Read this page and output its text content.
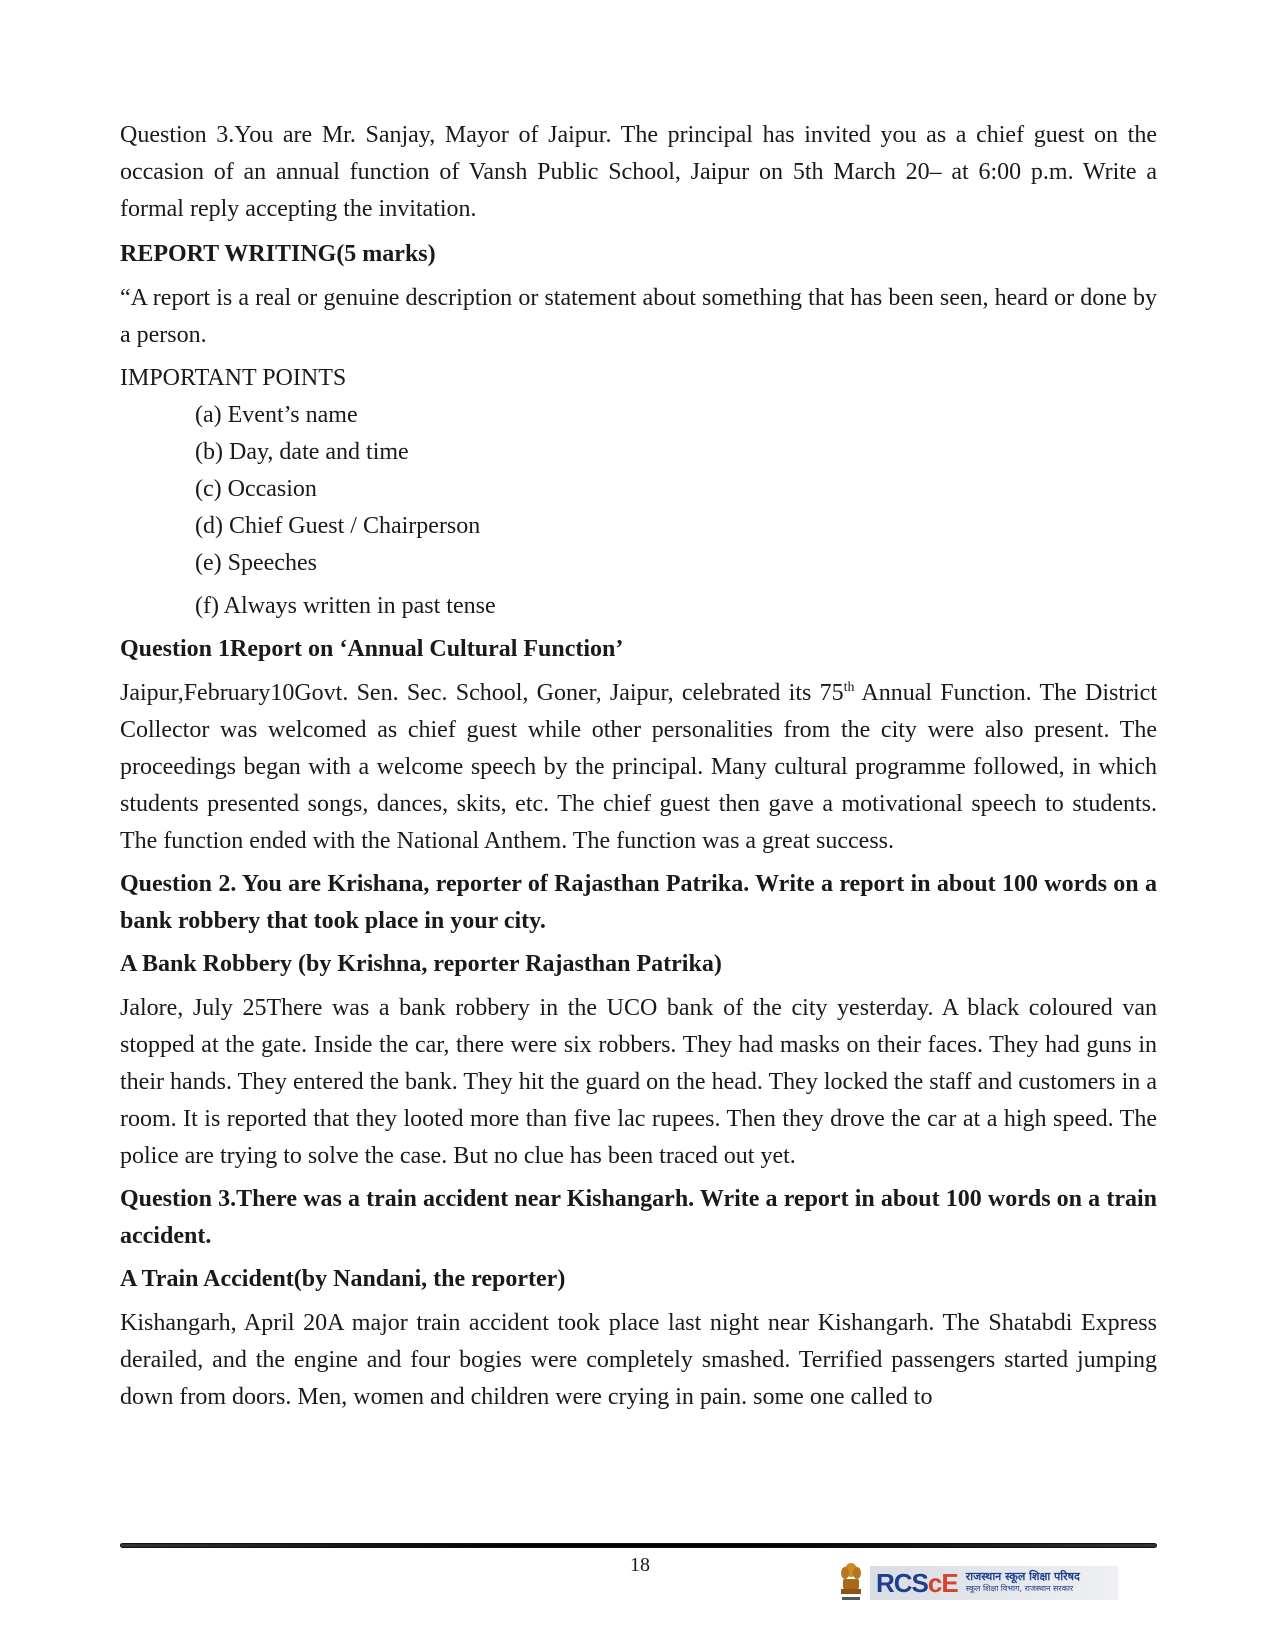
Question 3.You are Mr. Sanjay, Mayor of Jaipur. The principal has invited you as a chief guest on the occasion of an annual function of Vansh Public School, Jaipur on 5th March 20– at 6:00 p.m. Write a formal reply accepting the invitation.

REPORT WRITING(5 marks)

“A report is a real or genuine description or statement about something that has been seen, heard or done by a person.

IMPORTANT POINTS

(a) Event’s name
(b) Day, date and time
(c) Occasion
(d) Chief Guest / Chairperson
(e) Speeches
(f) Always written in past tense

Question 1Report on ‘Annual Cultural Function’

Jaipur,February10Govt. Sen. Sec. School, Goner, Jaipur, celebrated its 75th Annual Function. The District Collector was welcomed as chief guest while other personalities from the city were also present. The proceedings began with a welcome speech by the principal. Many cultural programme followed, in which students presented songs, dances, skits, etc. The chief guest then gave a motivational speech to students. The function ended with the National Anthem. The function was a great success.

Question 2. You are Krishana, reporter of Rajasthan Patrika. Write a report in about 100 words on a bank robbery that took place in your city.

A Bank Robbery (by Krishna, reporter Rajasthan Patrika)

Jalore, July 25There was a bank robbery in the UCO bank of the city yesterday. A black coloured van stopped at the gate. Inside the car, there were six robbers. They had masks on their faces. They had guns in their hands. They entered the bank. They hit the guard on the head. They locked the staff and customers in a room. It is reported that they looted more than five lac rupees. Then they drove the car at a high speed. The police are trying to solve the case. But no clue has been traced out yet.

Question 3.There was a train accident near Kishangarh. Write a report in about 100 words on a train accident.

A Train Accident(by Nandani, the reporter)

Kishangarh, April 20A major train accident took place last night near Kishangarh. The Shatabdi Express derailed, and the engine and four bogies were completely smashed. Terrified passengers started jumping down from doors. Men, women and children were crying in pain. some one called to

18

RCScE राजस्थान स्कूल शिक्षा परिषद
स्कूल शिक्षा विभाग, राजस्थान सरकार
